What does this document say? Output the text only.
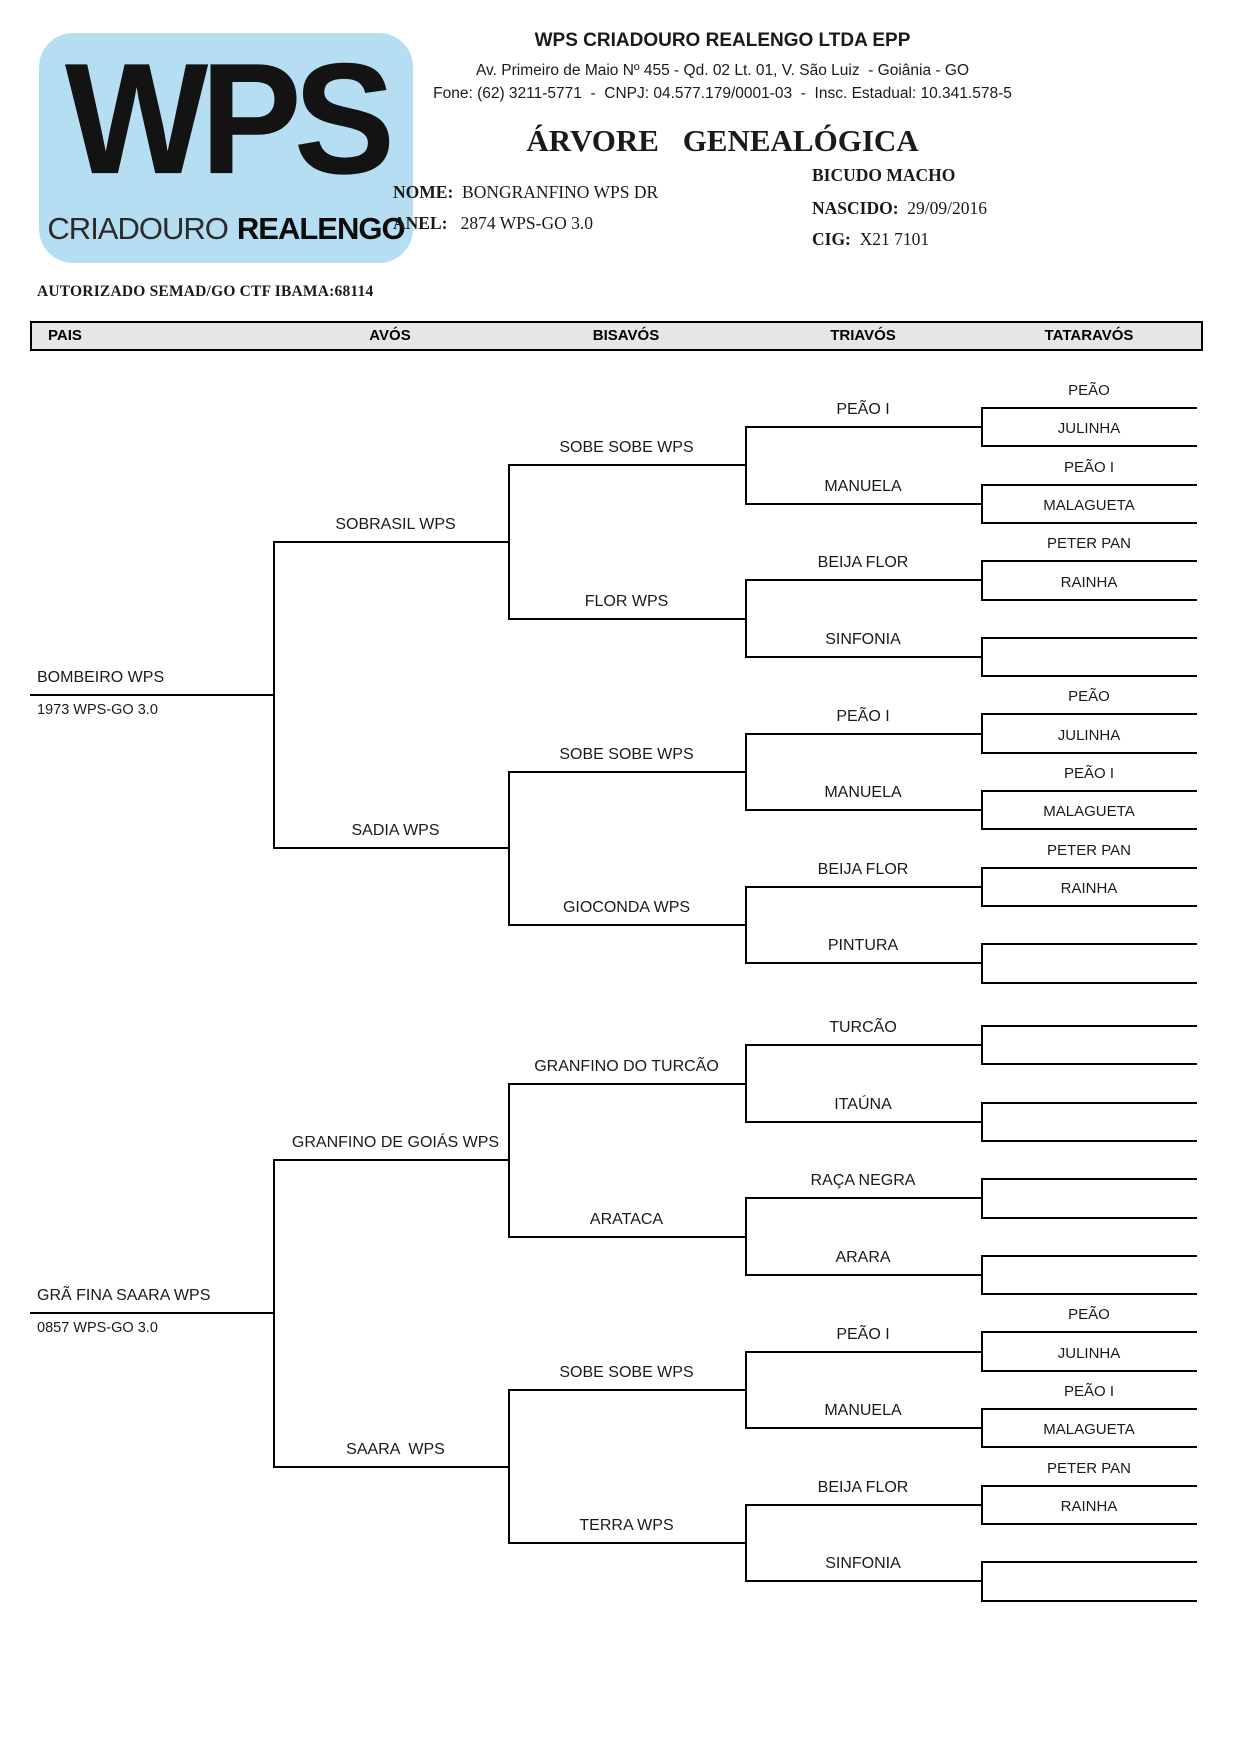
WPS
CRIADOURO REALENGO
WPS CRIADOURO REALENGO LTDA EPP
Av. Primeiro de Maio Nº 455 - Qd. 02 Lt. 01, V. São Luiz  - Goiânia - GO
Fone: (62) 3211-5771  -  CNPJ: 04.577.179/0001-03  -  Insc. Estadual: 10.341.578-5
ÁRVORE GENEALÓGICA
NOME: BONGRANFINO WPS DR
ANEL: 2874 WPS-GO 3.0
BICUDO MACHO
NASCIDO: 29/09/2016
CIG: X21 7101
AUTORIZADO SEMAD/GO CTF IBAMA:68114
PAIS	AVÓS	BISAVÓS	TRIAVÓS	TATARAVÓS
PEÃO
JULINHA
PEÃO I
MALAGUETA
PETER PAN
RAINHA
PEÃO
JULINHA
PEÃO I
MALAGUETA
PETER PAN
RAINHA
PEÃO I
MANUELA
BEIJA FLOR
SINFONIA
PEÃO I
MANUELA
BEIJA FLOR
PINTURA
SOBE SOBE WPS
FLOR WPS
SOBE SOBE WPS
GIOCONDA WPS
SOBRASIL WPS
SADIA WPS
BOMBEIRO WPS
1973 WPS-GO 3.0
PEÃO
JULINHA
PEÃO I
MALAGUETA
PETER PAN
RAINHA
TURCÃO
ITAÚNA
RAÇA NEGRA
ARARA
PEÃO I
MANUELA
BEIJA FLOR
SINFONIA
GRANFINO DO TURCÃO
ARATACA
SOBE SOBE WPS
TERRA WPS
GRANFINO DE GOIÁS WPS
SAARA  WPS
GRÃ FINA SAARA WPS
0857 WPS-GO 3.0
